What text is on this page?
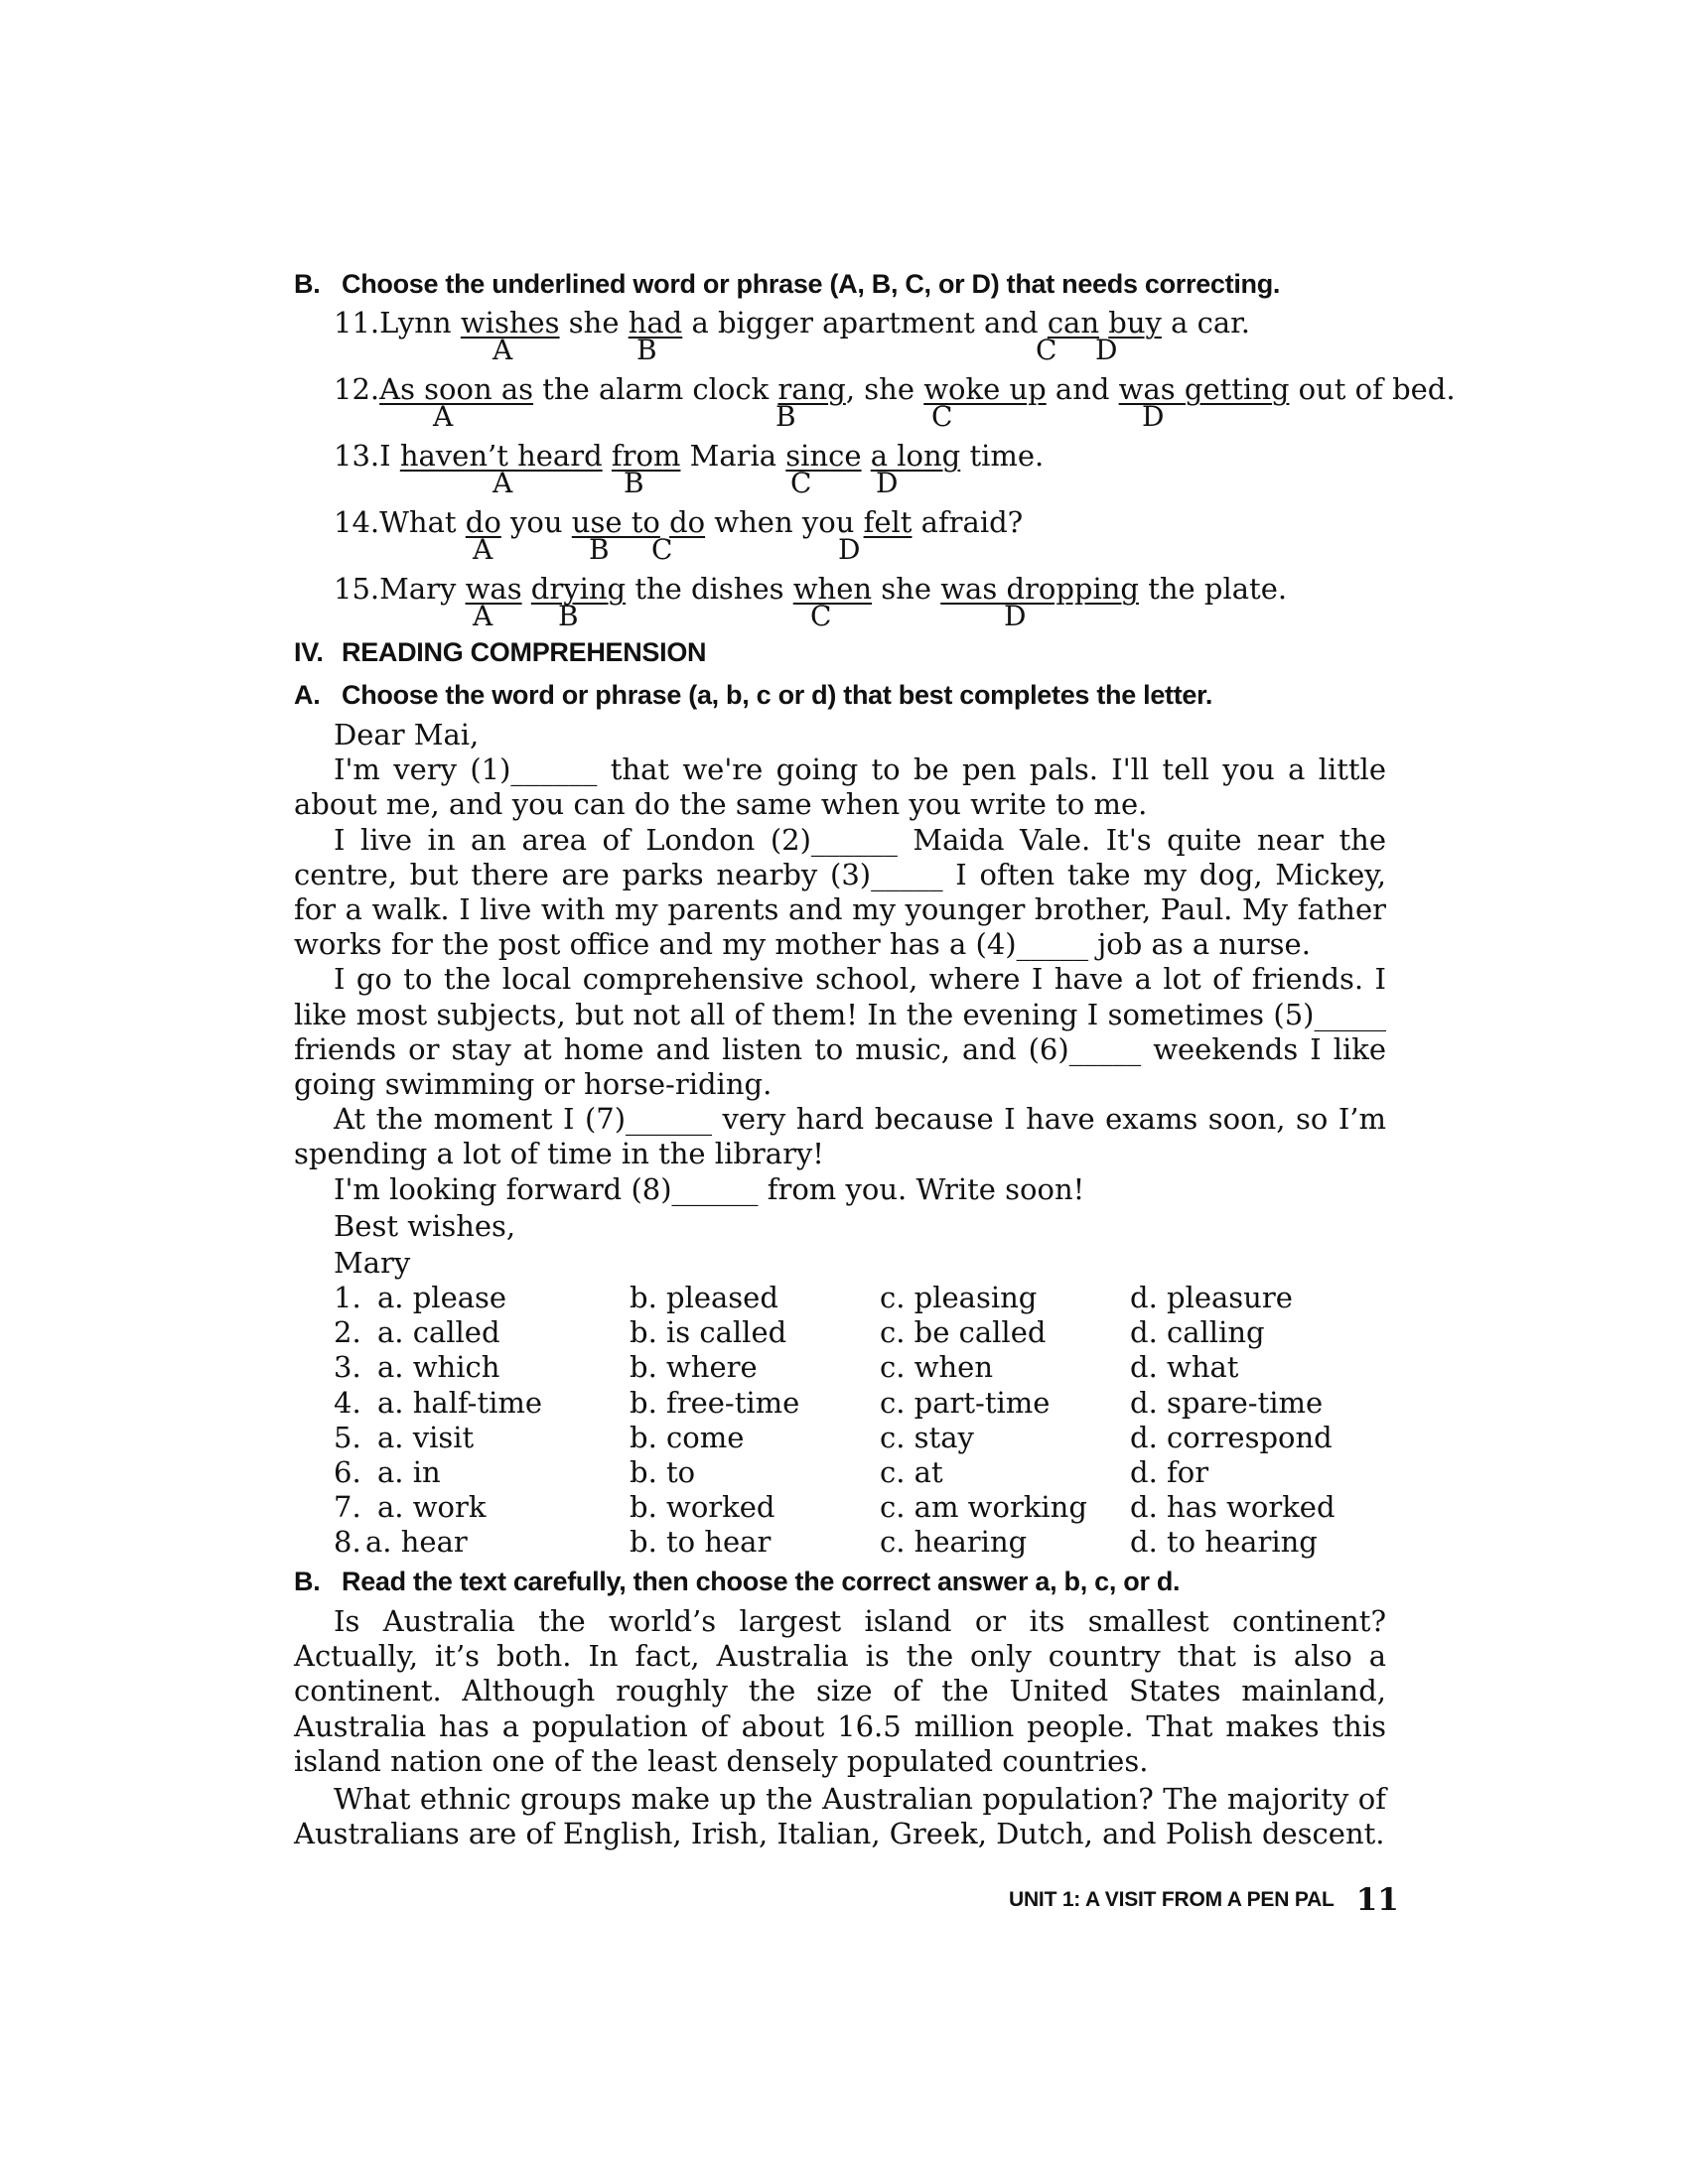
B. Choose the underlined word or phrase (A, B, C, or D) that needs correcting.
11.Lynn wishes she had a bigger apartment and can buy a car.
A	B	C D
12.As soon as the alarm clock rang, she woke up and was getting out of bed.
A	B	C	D
13.I haven’t heard from Maria since a long time.
A	B	C D
14.What do you use to do when you felt afraid?
A	B C	D
15.Mary was drying the dishes when she was dropping the plate.
A B	C	D
IV. READING COMPREHENSION
A. Choose the word or phrase (a, b, c or d) that best completes the letter.
Dear Mai,

I'm very (1)______ that we're going to be pen pals. I'll tell you a little about me, and you can do the same when you write to me.

I live in an area of London (2)______ Maida Vale. It's quite near the centre, but there are parks nearby (3)_____ I often take my dog, Mickey, for a walk. I live with my parents and my younger brother, Paul. My father works for the post office and my mother has a (4)_____ job as a nurse.

I go to the local comprehensive school, where I have a lot of friends. I like most subjects, but not all of them! In the evening I sometimes (5)_____ friends or stay at home and listen to music, and (6)_____ weekends I like going swimming or horse-riding.

At the moment I (7)______ very hard because I have exams soon, so I’m spending a lot of time in the library!

I'm looking forward (8)______ from you. Write soon!

Best wishes,
Mary
1. a. please	b. pleased	c. pleasing	d. pleasure
2. a. called	b. is called	c. be called	d. calling
3. a. which	b. where	c. when	d. what
4. a. half-time	b. free-time	c. part-time	d. spare-time
5. a. visit	b. come	c. stay	d. correspond
6. a. in	b. to	c. at	d. for
7. a. work	b. worked	c. am working d. has worked
8. a. hear	b. to hear	c. hearing	d. to hearing
B. Read the text carefully, then choose the correct answer a, b, c, or d.

Is Australia the world’s largest island or its smallest continent? Actually, it’s both. In fact, Australia is the only country that is also a continent. Although roughly the size of the United States mainland, Australia has a population of about 16.5 million people. That makes this island nation one of the least densely populated countries.

What ethnic groups make up the Australian population? The majority of Australians are of English, Irish, Italian, Greek, Dutch, and Polish descent.

UNIT 1: A VISIT FROM A PEN PAL 11
